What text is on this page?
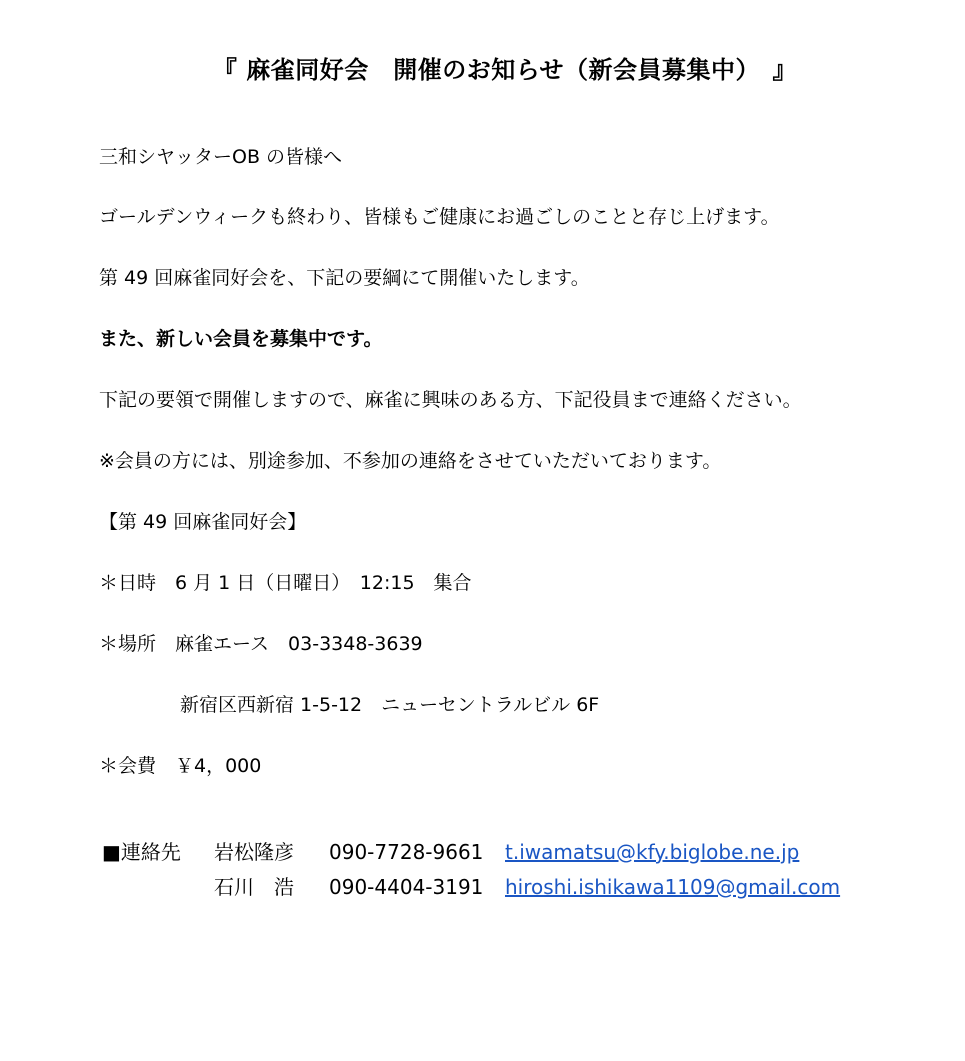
『 麻雀同好会　開催のお知らせ（新会員募集中）　』
三和シヤッターOB の皆様へ
ゴールデンウィークも終わり、皆様もご健康にお過ごしのことと存じ上げます。
第 49 回麻雀同好会を、下記の要綱にて開催いたします。
また、新しい会員を募集中です。
下記の要領で開催しますので、麻雀に興味のある方、下記役員まで連絡ください。
※会員の方には、別途参加、不参加の連絡をさせていただいております。
【第 49 回麻雀同好会】
＊日時　6 月 1 日（日曜日）　12:15　集合
＊場所　麻雀エース　03-3348-3639
新宿区西新宿 1-5-12　ニューセントラルビル 6F
＊会費　￥4，000
■連絡先 岩松隆彦 090-7728-9661 t.iwamatsu@kfy.biglobe.ne.jp
石川　浩 090-4404-3191 hiroshi.ishikawa1109@gmail.com
